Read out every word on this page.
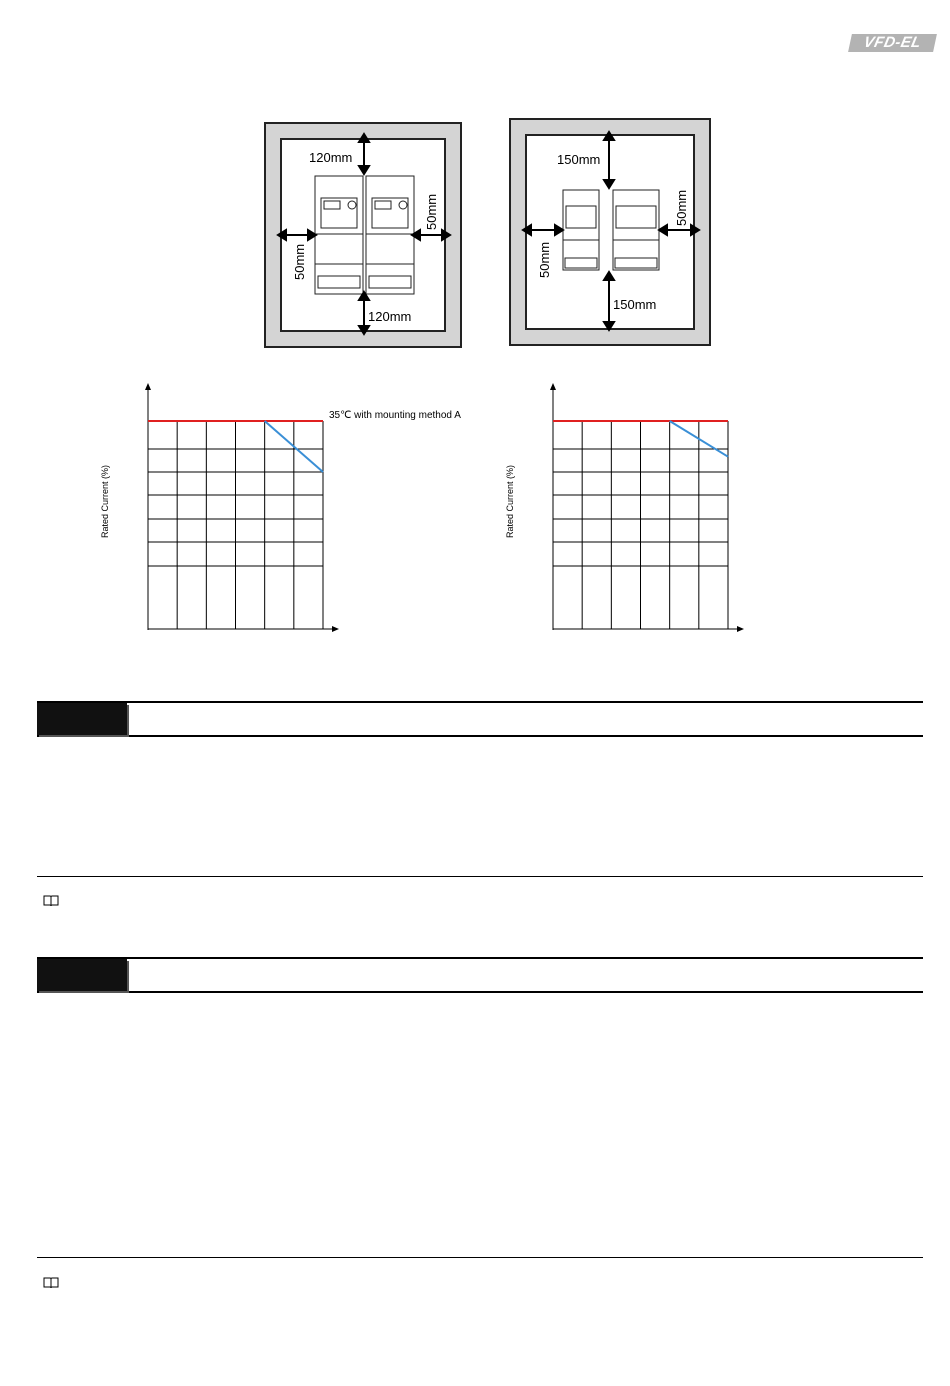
VFD-EL
120mm
120mm
50mm
50mm
150mm
150mm
50mm
50mm
Rated Current (%)
35℃ with mounting method A
Rated Current (%)
